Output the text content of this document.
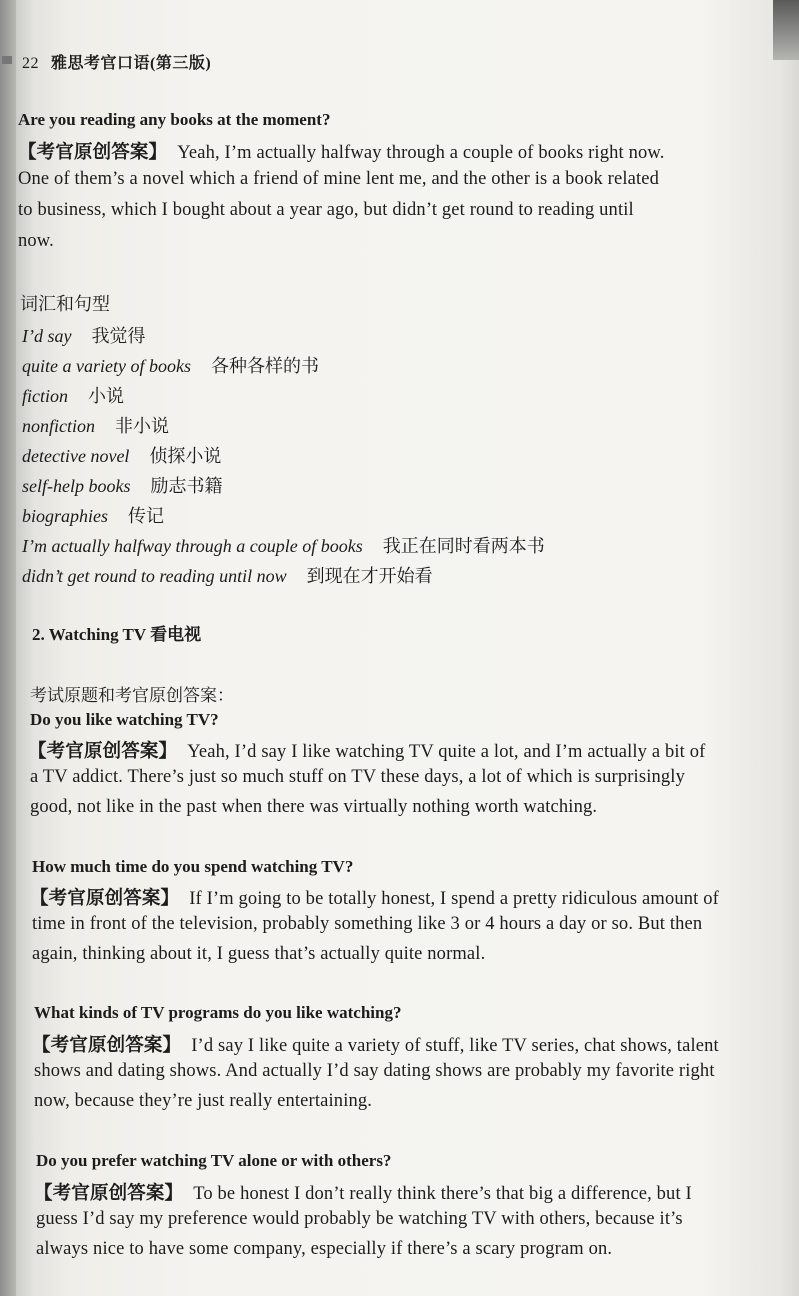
22 雅思考官口语(第三版)
Are you reading any books at the moment?
【考官原创答案】 Yeah, I’m actually halfway through a couple of books right now.
One of them’s a novel which a friend of mine lent me, and the other is a book related
to business, which I bought about a year ago, but didn’t get round to reading until
now.
词汇和句型
I’d say 我觉得
quite a variety of books 各种各样的书
fiction 小说
nonfiction 非小说
detective novel 侦探小说
self-help books 励志书籍
biographies 传记
I’m actually halfway through a couple of books 我正在同时看两本书
didn’t get round to reading until now 到现在才开始看
2. Watching TV 看电视
考试原题和考官原创答案：
Do you like watching TV?
【考官原创答案】 Yeah, I’d say I like watching TV quite a lot, and I’m actually a bit of
a TV addict. There’s just so much stuff on TV these days, a lot of which is surprisingly
good, not like in the past when there was virtually nothing worth watching.
How much time do you spend watching TV?
【考官原创答案】 If I’m going to be totally honest, I spend a pretty ridiculous amount of
time in front of the television, probably something like 3 or 4 hours a day or so. But then
again, thinking about it, I guess that’s actually quite normal.
What kinds of TV programs do you like watching?
【考官原创答案】 I’d say I like quite a variety of stuff, like TV series, chat shows, talent
shows and dating shows. And actually I’d say dating shows are probably my favorite right
now, because they’re just really entertaining.
Do you prefer watching TV alone or with others?
【考官原创答案】 To be honest I don’t really think there’s that big a difference, but I
guess I’d say my preference would probably be watching TV with others, because it’s
always nice to have some company, especially if there’s a scary program on.
